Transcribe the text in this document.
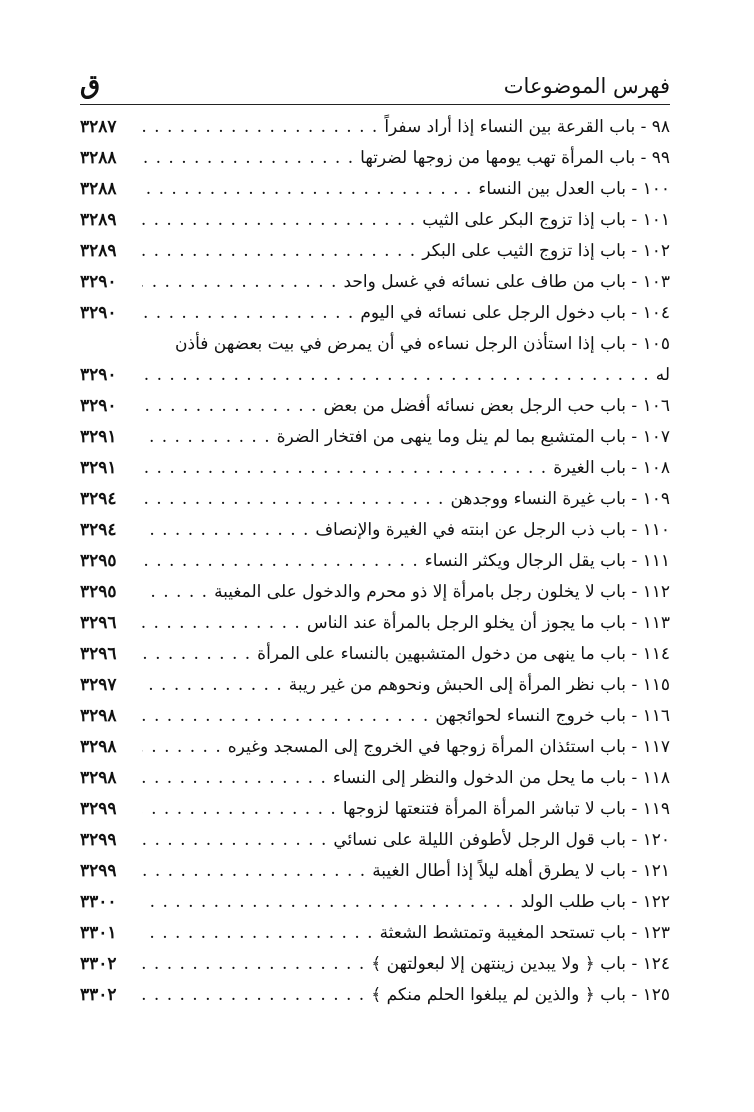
فهرس الموضوعات
ق
٩٨ - باب القرعة بين النساء إذا أراد سفراً
. . .
٣٢٨٧
٩٩ - باب المرأة تهب يومها من زوجها لضرتها
. . .
٣٢٨٨
١٠٠ - باب العدل بين النساء
. . .
٣٢٨٨
١٠١ - باب إذا تزوج البكر على الثيب
. . .
٣٢٨٩
١٠٢ - باب إذا تزوج الثيب على البكر
. . .
٣٢٨٩
١٠٣ - باب من طاف على نسائه في غسل واحد
. . .
٣٢٩٠
١٠٤ - باب دخول الرجل على نسائه في اليوم
. . .
٣٢٩٠
١٠٥ - باب إذا استأذن الرجل نساءه في أن يمرض في بيت بعضهن فأذن
له
. . .
٣٢٩٠
١٠٦ - باب حب الرجل بعض نسائه أفضل من بعض
. . .
٣٢٩٠
١٠٧ - باب المتشبع بما لم ينل وما ينهى من افتخار الضرة
. . .
٣٢٩١
١٠٨ - باب الغيرة
. . .
٣٢٩١
١٠٩ - باب غيرة النساء ووجدهن
. . .
٣٢٩٤
١١٠ - باب ذب الرجل عن ابنته في الغيرة والإنصاف
. . .
٣٢٩٤
١١١ - باب يقل الرجال ويكثر النساء
. . .
٣٢٩٥
١١٢ - باب لا يخلون رجل بامرأة إلا ذو محرم والدخول على المغيبة
. . .
٣٢٩٥
١١٣ - باب ما يجوز أن يخلو الرجل بالمرأة عند الناس
. . .
٣٢٩٦
١١٤ - باب ما ينهى من دخول المتشبهين بالنساء على المرأة
. . .
٣٢٩٦
١١٥ - باب نظر المرأة إلى الحبش ونحوهم من غير ريبة
. . .
٣٢٩٧
١١٦ - باب خروج النساء لحوائجهن
. . .
٣٢٩٨
١١٧ - باب استئذان المرأة زوجها في الخروج إلى المسجد وغيره
. . .
٣٢٩٨
١١٨ - باب ما يحل من الدخول والنظر إلى النساء
. . .
٣٢٩٨
١١٩ - باب لا تباشر المرأة المرأة فتنعتها لزوجها
. . .
٣٢٩٩
١٢٠ - باب قول الرجل لأطوفن الليلة على نسائي
. . .
٣٢٩٩
١٢١ - باب لا يطرق أهله ليلاً إذا أطال الغيبة
. . .
٣٢٩٩
١٢٢ - باب طلب الولد
. . .
٣٣٠٠
١٢٣ - باب تستحد المغيبة وتمتشط الشعثة
. . .
٣٣٠١
١٢٤ - باب ﴿ ولا يبدين زينتهن إلا لبعولتهن ﴾
. . .
٣٣٠٢
١٢٥ - باب ﴿ والذين لم يبلغوا الحلم منكم ﴾
. . .
٣٣٠٢
